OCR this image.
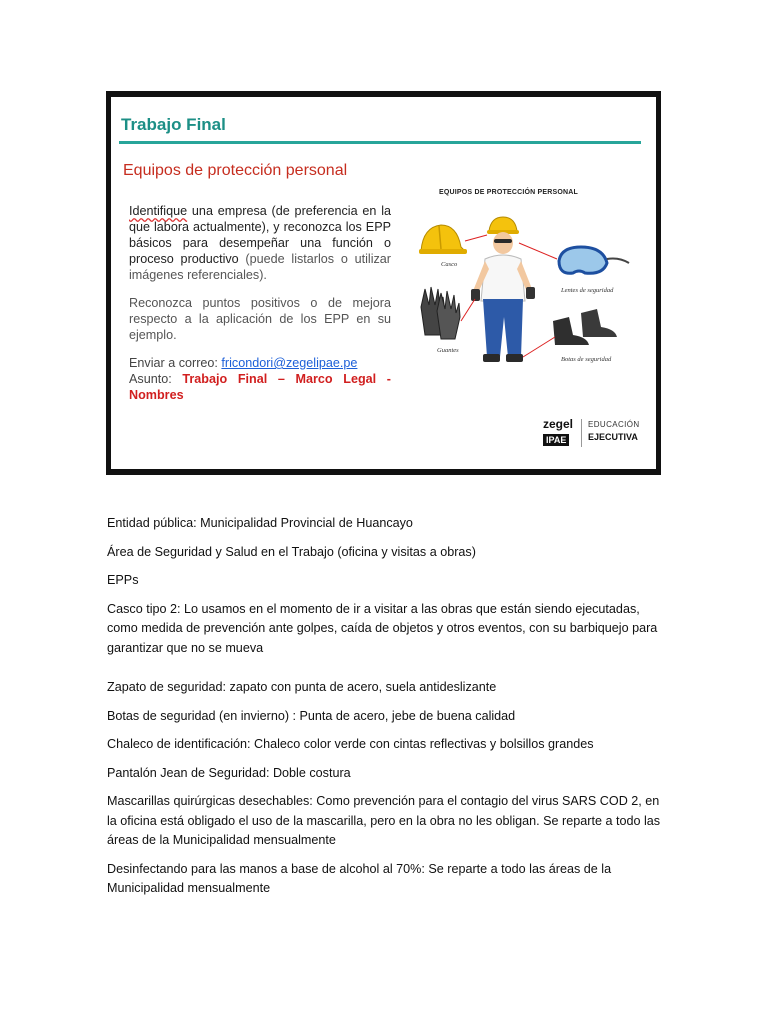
Trabajo Final
Equipos de protección personal

Identifique una empresa (de preferencia en la que labora actualmente), y reconozca los EPP básicos para desempeñar una función o proceso productivo (puede listarlos o utilizar imágenes referenciales).

Reconozca puntos positivos o de mejora respecto a la aplicación de los EPP en su ejemplo.

Enviar a correo: fricondori@zegelipae.pe

Asunto: Trabajo Final – Marco Legal - Nombres

EQUIPOS DE PROTECCIÓN PERSONAL
Casco
Lentes de seguridad
Guantes
Botas de seguridad
zegel
IPAE
EDUCACIÓN
EJECUTIVA

Entidad pública: Municipalidad Provincial de Huancayo

Área de Seguridad y Salud en el Trabajo (oficina y visitas a obras)

EPPs

Casco tipo 2: Lo usamos en el momento de ir a visitar a las obras que están siendo ejecutadas, como medida de prevención ante golpes, caída de objetos y otros eventos, con su barbiquejo para garantizar que no se mueva

Zapato de seguridad: zapato con punta de acero, suela antideslizante

Botas de seguridad (en invierno) : Punta de acero, jebe de buena calidad

Chaleco de identificación: Chaleco color verde con cintas reflectivas y bolsillos grandes

Pantalón Jean de Seguridad: Doble costura

Mascarillas quirúrgicas desechables: Como prevención para el contagio del virus SARS COD 2, en la oficina está obligado el uso de la mascarilla, pero en la obra no les obligan. Se reparte a todo las áreas de la Municipalidad mensualmente

Desinfectando para las manos a base de alcohol al 70%: Se reparte a todo las áreas de la Municipalidad mensualmente
